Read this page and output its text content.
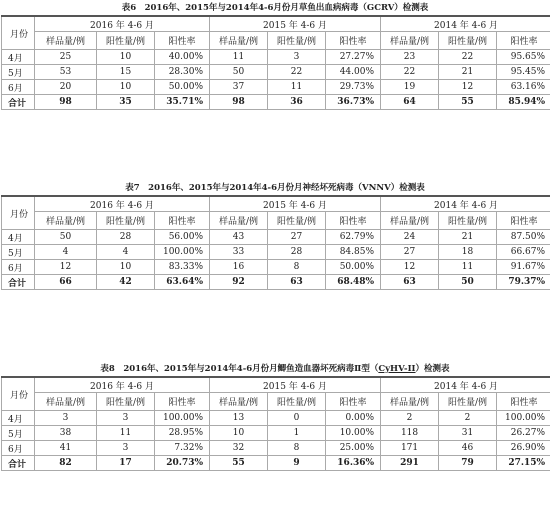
表6　2016年、2015年与2014年4-6月份月草鱼出血病病毒（GCRV）检测表
月份	2016 年 4-6 月			2015 年 4-6 月			2014 年 4-6 月		
	样品量/例	阳性量/例	阳性率	样品量/例	阳性量/例	阳性率	样品量/例	阳性量/例	阳性率
4月	25	10	40.00%	11	3	27.27%	23	22	95.65%
5月	53	15	28.30%	50	22	44.00%	22	21	95.45%
6月	20	10	50.00%	37	11	29.73%	19	12	63.16%
合计	98	35	35.71%	98	36	36.73%	64	55	85.94%
表7　2016年、2015年与2014年4-6月份月神经坏死病毒（VNNV）检测表
月份	2016 年 4-6 月			2015 年 4-6 月			2014 年 4-6 月		
	样品量/例	阳性量/例	阳性率	样品量/例	阳性量/例	阳性率	样品量/例	阳性量/例	阳性率
4月	50	28	56.00%	43	27	62.79%	24	21	87.50%
5月	4	4	100.00%	33	28	84.85%	27	18	66.67%
6月	12	10	83.33%	16	8	50.00%	12	11	91.67%
合计	66	42	63.64%	92	63	68.48%	63	50	79.37%
表8　2016年、2015年与2014年4-6月份月鲫鱼造血器坏死病毒Ⅱ型（CyHV-II）检测表
月份	2016 年 4-6 月			2015 年 4-6 月			2014 年 4-6 月		
	样品量/例	阳性量/例	阳性率	样品量/例	阳性量/例	阳性率	样品量/例	阳性量/例	阳性率
4月	3	3	100.00%	13	0	0.00%	2	2	100.00%
5月	38	11	28.95%	10	1	10.00%	118	31	26.27%
6月	41	3	7.32%	32	8	25.00%	171	46	26.90%
合计	82	17	20.73%	55	9	16.36%	291	79	27.15%
